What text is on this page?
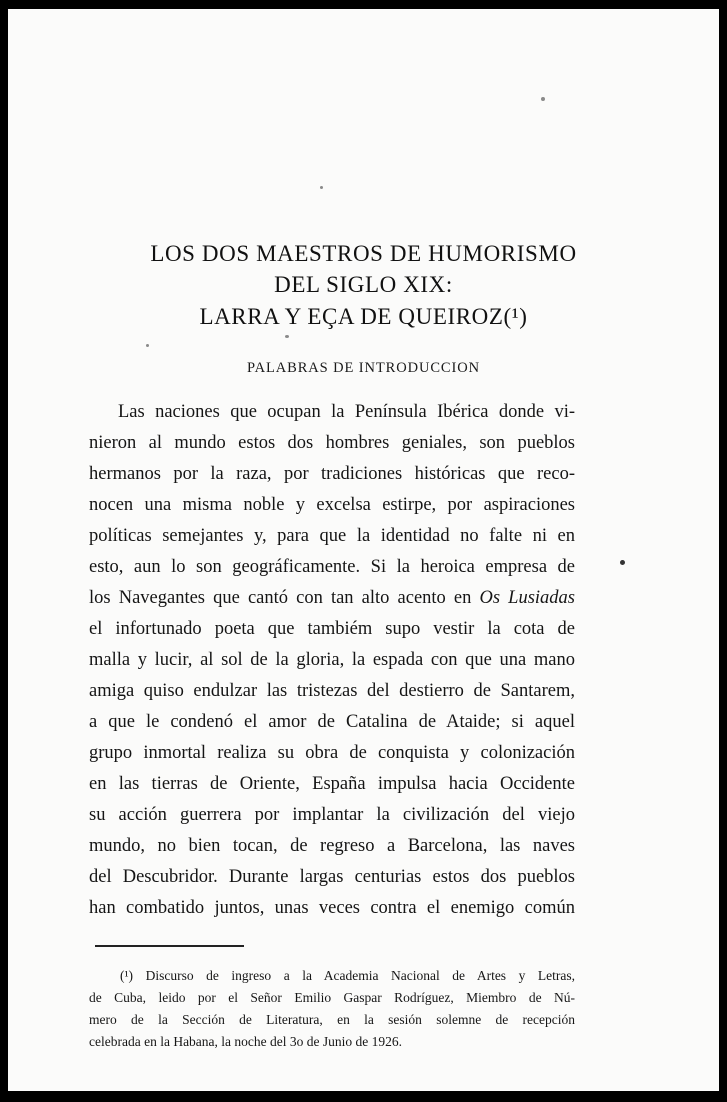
LOS DOS MAESTROS DE HUMORISMO
DEL SIGLO XIX:
LARRA Y EÇA DE QUEIROZ(¹)
PALABRAS DE INTRODUCCION
Las naciones que ocupan la Península Ibérica donde vi-
nieron al mundo estos dos hombres geniales, son pueblos
hermanos por la raza, por tradiciones históricas que reco-
nocen una misma noble y excelsa estirpe, por aspiraciones
políticas semejantes y, para que la identidad no falte ni en
esto, aun lo son geográficamente. Si la heroica empresa de
los Navegantes que cantó con tan alto acento en Os Lusiadas
el infortunado poeta que tambiém supo vestir la cota de
malla y lucir, al sol de la gloria, la espada con que una mano
amiga quiso endulzar las tristezas del destierro de Santarem,
a que le condenó el amor de Catalina de Ataide; si aquel
grupo inmortal realiza su obra de conquista y colonización
en las tierras de Oriente, España impulsa hacia Occidente
su acción guerrera por implantar la civilización del viejo
mundo, no bien tocan, de regreso a Barcelona, las naves
del Descubridor. Durante largas centurias estos dos pueblos
han combatido juntos, unas veces contra el enemigo común
(¹) Discurso de ingreso a la Academia Nacional de Artes y Letras,
de Cuba, leido por el Señor Emilio Gaspar Rodríguez, Miembro de Nú-
mero de la Sección de Literatura, en la sesión solemne de recepción
celebrada en la Habana, la noche del 3o de Junio de 1926.
